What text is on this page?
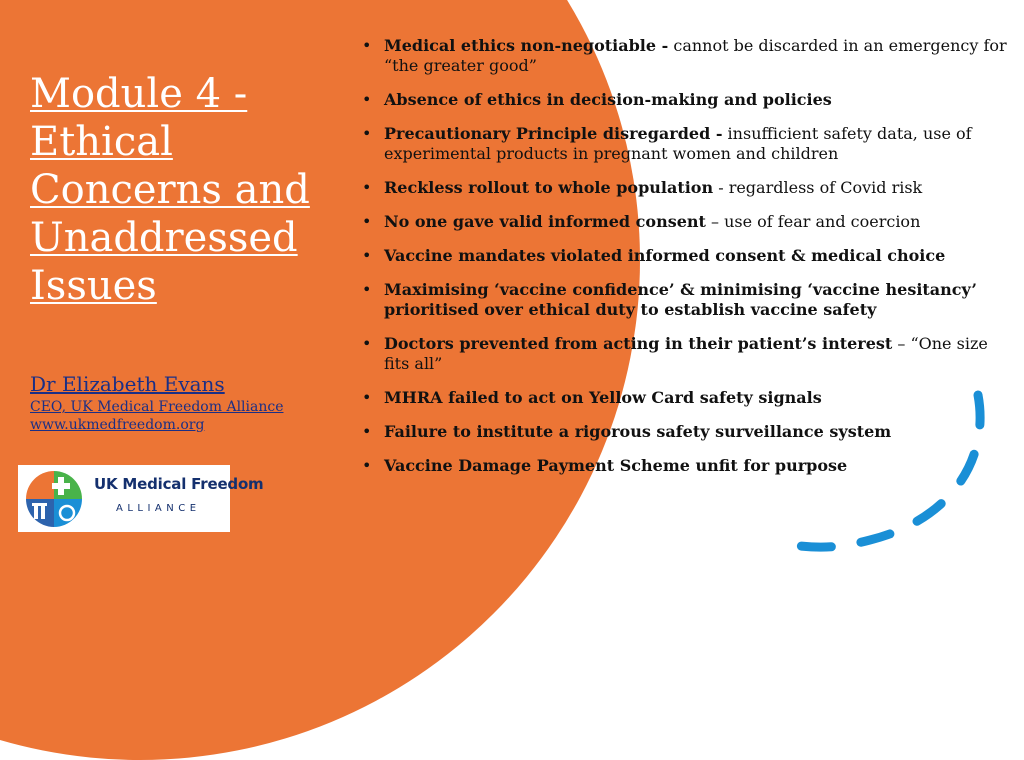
Module 4 - Ethical Concerns and Unaddressed Issues
Dr Elizabeth Evans
CEO, UK Medical Freedom Alliance
www.ukmedfreedom.org
UK Medical Freedom
ALLIANCE
• Medical ethics non-negotiable - cannot be discarded in an emergency for “the greater good”
• Absence of ethics in decision-making and policies
• Precautionary Principle disregarded - insufficient safety data, use of experimental products in pregnant women and children
• Reckless rollout to whole population - regardless of Covid risk
• No one gave valid informed consent – use of fear and coercion
• Vaccine mandates violated informed consent & medical choice
• Maximising ‘vaccine confidence’ & minimising ‘vaccine hesitancy’ prioritised over ethical duty to establish vaccine safety
• Doctors prevented from acting in their patient’s interest – “One size fits all”
• MHRA failed to act on Yellow Card safety signals
• Failure to institute a rigorous safety surveillance system
• Vaccine Damage Payment Scheme unfit for purpose
